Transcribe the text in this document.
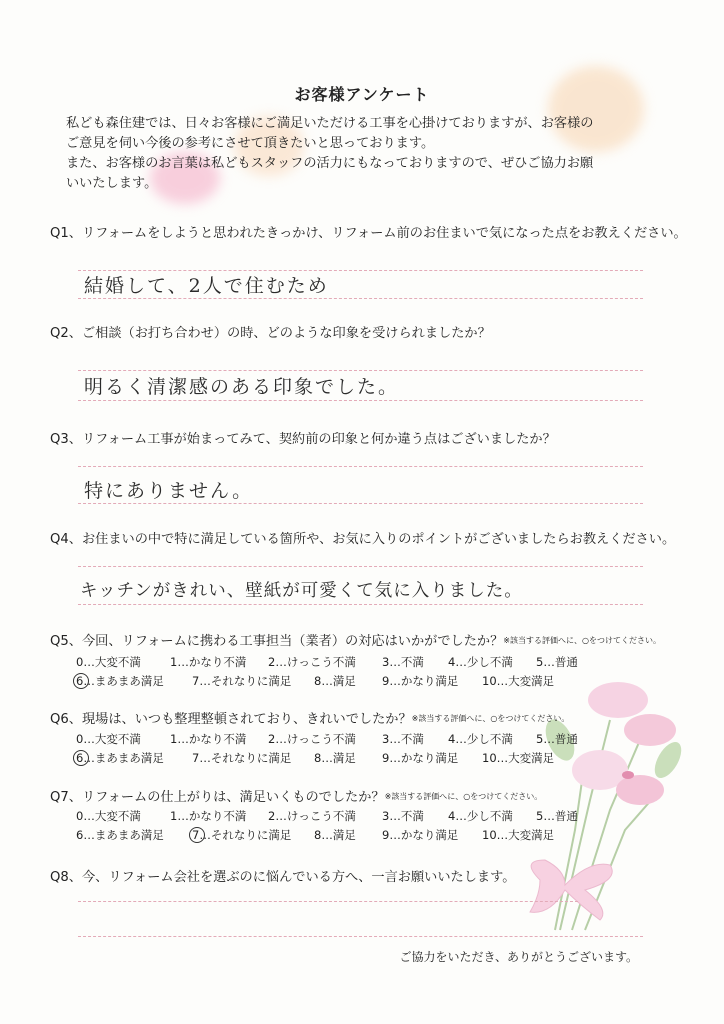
お客様アンケート
私ども森住建では、日々お客様にご満足いただける工事を心掛けておりますが、お客様の
ご意見を伺い今後の参考にさせて頂きたいと思っております。
また、お客様のお言葉は私どもスタッフの活力にもなっておりますので、ぜひご協力お願
いいたします。
Q1、リフォームをしようと思われたきっかけ、リフォーム前のお住まいで気になった点をお教えください。
結婚して、2人で住むため
Q2、ご相談（お打ち合わせ）の時、どのような印象を受けられましたか？
明るく清潔感のある印象でした。
Q3、リフォーム工事が始まってみて、契約前の印象と何か違う点はございましたか？
特にありません。
Q4、お住まいの中で特に満足している箇所や、お気に入りのポイントがございましたらお教えください。
キッチンがきれい、壁紙が可愛くて気に入りました。
Q5、今回、リフォームに携わる工事担当（業者）の対応はいかがでしたか？※該当する評価へに、○をつけてください。
0…大変不満	1…かなり不満 2…けっこう不満 3…不満 4…少し不満 5…普通
6
…まあまあ満足 7…それなりに満足 8…満足 9…かなり満足 10…大変満足
Q6、現場は、いつも整理整頓されており、きれいでしたか？※該当する評価へに、○をつけてください。
0…大変不満	1…かなり不満 2…けっこう不満 3…不満 4…少し不満 5…普通
6
…まあまあ満足 7…それなりに満足 8…満足 9…かなり満足 10…大変満足
Q7、リフォームの仕上がりは、満足いくものでしたか？※該当する評価へに、○をつけてください。
0…大変不満	1…かなり不満 2…けっこう不満 3…不満 4…少し不満 5…普通
6…まあまあ満足 7
…それなりに満足 8…満足 9…かなり満足 10…大変満足
Q8、今、リフォーム会社を選ぶのに悩んでいる方へ、一言お願いいたします。
ご協力をいただき、ありがとうございます。
